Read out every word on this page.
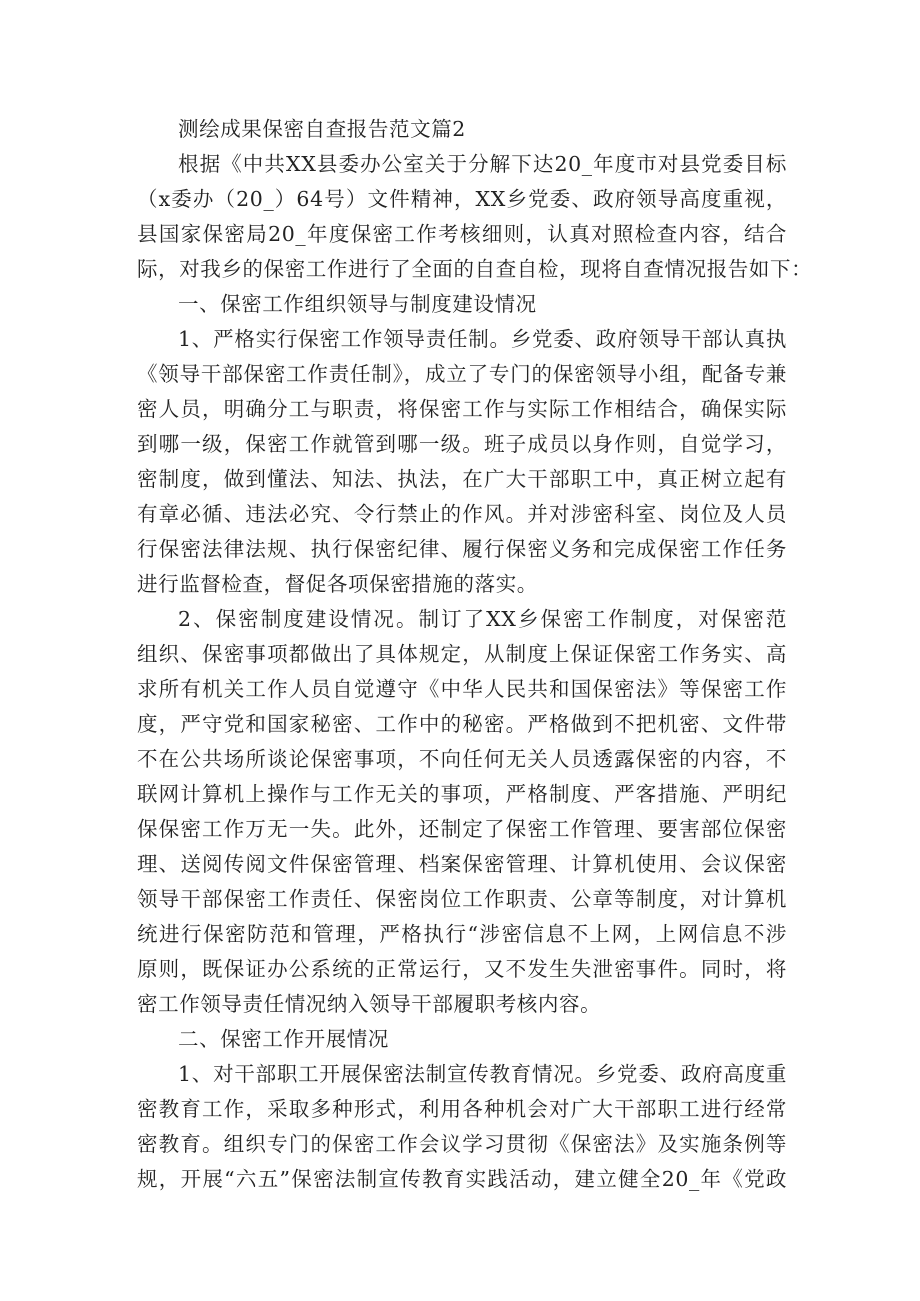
测绘成果保密自查报告范文篇2
根据《中共XX县委办公室关于分解下达20_年度市对县党委目标
（x委办（20_）64号）文件精神，XX乡党委、政府领导高度重视，
县国家保密局20_年度保密工作考核细则，认真对照检查内容，结合
际，对我乡的保密工作进行了全面的自查自检，现将自查情况报告如下：
一、保密工作组织领导与制度建设情况
1、严格实行保密工作领导责任制。乡党委、政府领导干部认真执
《领导干部保密工作责任制》，成立了专门的保密领导小组，配备专兼
密人员，明确分工与职责，将保密工作与实际工作相结合，确保实际
到哪一级，保密工作就管到哪一级。班子成员以身作则，自觉学习，
密制度，做到懂法、知法、执法，在广大干部职工中，真正树立起有
有章必循、违法必究、令行禁止的作风。并对涉密科室、岗位及人员
行保密法律法规、执行保密纪律、履行保密义务和完成保密工作任务
进行监督检查，督促各项保密措施的落实。
2、保密制度建设情况。制订了XX乡保密工作制度，对保密范
组织、保密事项都做出了具体规定，从制度上保证保密工作务实、高
求所有机关工作人员自觉遵守《中华人民共和国保密法》等保密工作
度，严守党和国家秘密、工作中的秘密。严格做到不把机密、文件带
不在公共场所谈论保密事项，不向任何无关人员透露保密的内容，不
联网计算机上操作与工作无关的事项，严格制度、严客措施、严明纪
保保密工作万无一失。此外，还制定了保密工作管理、要害部位保密
理、送阅传阅文件保密管理、档案保密管理、计算机使用、会议保密
领导干部保密工作责任、保密岗位工作职责、公章等制度，对计算机
统进行保密防范和管理，严格执行“涉密信息不上网，上网信息不涉
原则，既保证办公系统的正常运行，又不发生失泄密事件。同时，将
密工作领导责任情况纳入领导干部履职考核内容。
二、保密工作开展情况
1、对干部职工开展保密法制宣传教育情况。乡党委、政府高度重
密教育工作，采取多种形式，利用各种机会对广大干部职工进行经常
密教育。组织专门的保密工作会议学习贯彻《保密法》及实施条例等
规，开展“六五”保密法制宣传教育实践活动，建立健全20_年《党政
